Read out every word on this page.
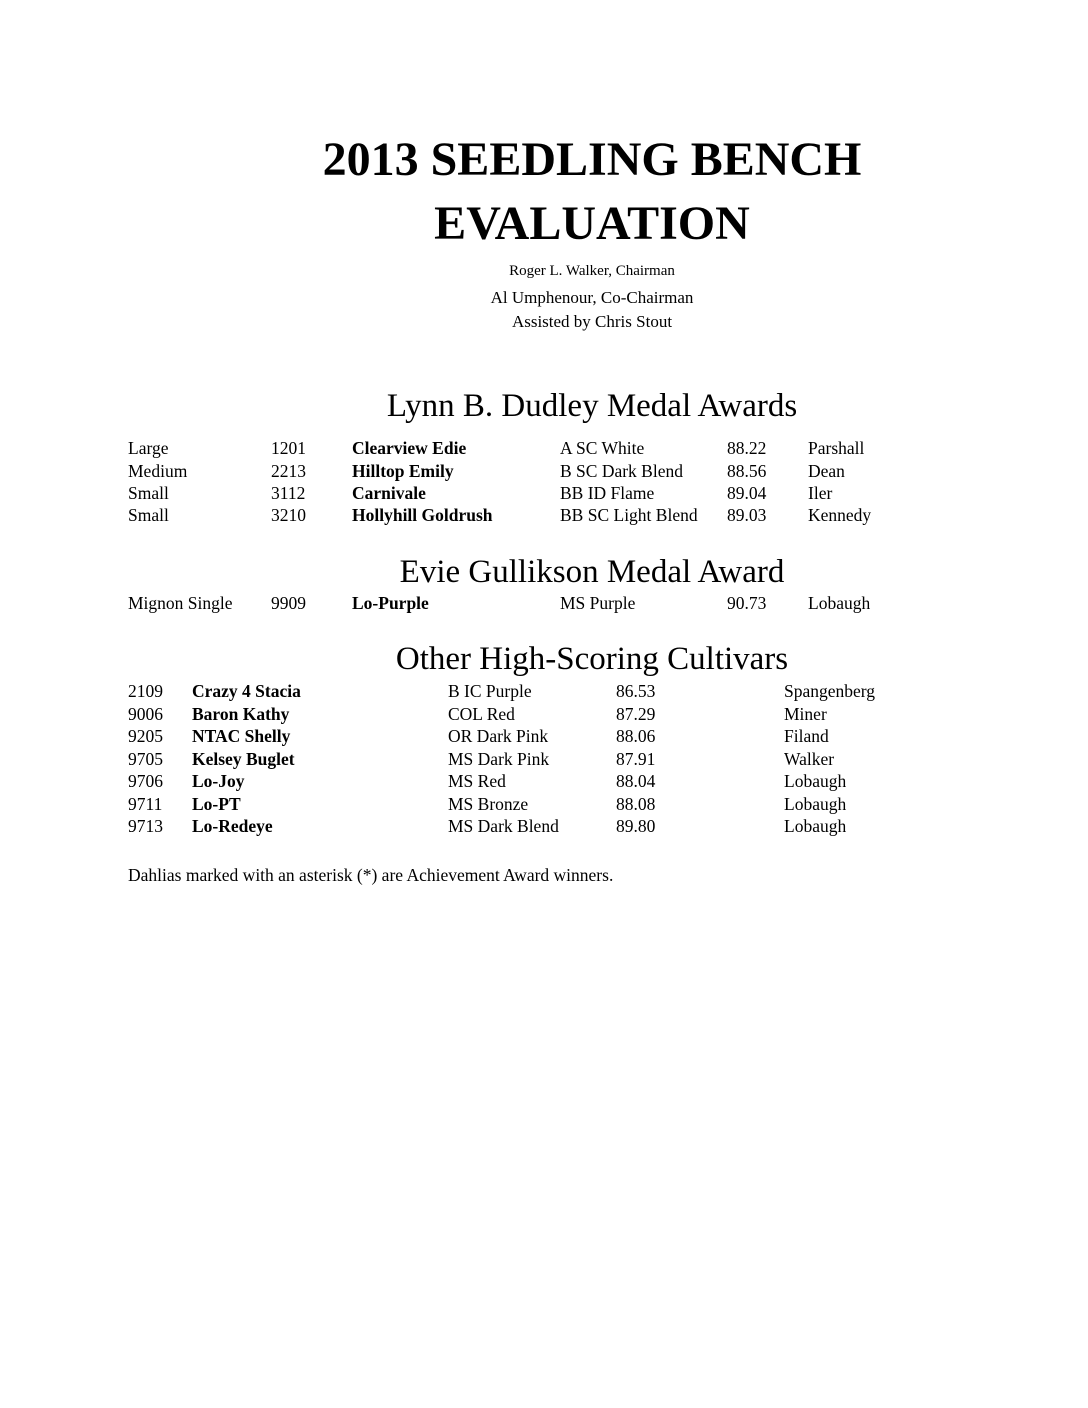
2013 SEEDLING BENCH
EVALUATION
Roger L. Walker, Chairman
Al Umphenour, Co-Chairman
Assisted by Chris Stout
Lynn B. Dudley Medal Awards
Large	1201	Clearview Edie	A SC White	88.22 Parshall
Medium	2213	Hilltop Emily	B SC Dark Blend	88.56 Dean
Small	3112	Carnivale	BB ID Flame	89.04 Iler
Small	3210	Hollyhill Goldrush	BB SC Light Blend 89.03 Kennedy
Evie Gullikson Medal Award
Mignon Single 9909	Lo-Purple	MS Purple	90.73 Lobaugh
Other High-Scoring Cultivars
2109 Crazy 4 Stacia	B IC Purple	86.53	Spangenberg
9006 Baron Kathy	COL Red	87.29	Miner
9205 NTAC Shelly	OR Dark Pink	88.06	Filand
9705 Kelsey Buglet	MS Dark Pink	87.91	Walker
9706 Lo-Joy	MS Red	88.04	Lobaugh
9711 Lo-PT	MS Bronze	88.08	Lobaugh
9713 Lo-Redeye	MS Dark Blend	89.80	Lobaugh
Dahlias marked with an asterisk (*) are Achievement Award winners.
